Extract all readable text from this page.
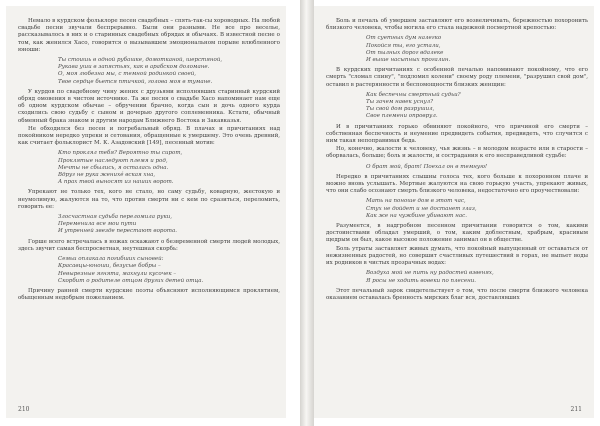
Немало в курдском фольклоре песен свадебных – спять-так-сы хороводных. На любой свадьбе песни звучали беспрерывно. Были они разными. Не все про веселье, рассказывалось в них и о старинных свадебных обрядах и обычаях. В известной песне о том, как женился Хасо, говорится о вызывавшем эмоциональном порыве влюбленного юноши:

Ты стоишь в одной рубашке, домотканой, шерстяной,
Рукава уши в запястьях, как в арабском доломане.
О, моя любезна мы, с темной родинкой своей,
Твое сердце бьется птичкой, голова моя в тумане.

У курдов по свадебному чину жених с друзьями исполнявших старинный курдский обряд омовения в чистом источнике. Та же песня о свадьбе Хасо напоминает нам еще об одном курдском обычае – обручении брачно, когда сын и дочь одного курда сходились свою судьбу с сыном и дочерью другого соплеменника. Кстати, обычный обменный брака знаком и другим народам Ближнего Востока и Закавказья.

Не обходился без песен и погребальный обряд. В плачах и причитаниях над покойником нередко упреки и сетования, обращенные к умершему. Это очень древний, как считает фольклорист М. К. Азадовский [149], песенный мотив:

Кто проклял тебя? Вероятно ты сирот,
Проклятые наследуют племя и род,
Мечты не сбылись, я осталась одна.
Вдруг не рука женихе́ вская хна,
А прах твой выносят из наших ворот.

Упрекают не только тех, кого не стало, но саму судьбу, коварную, жестокую и неумолимую, жалуются на то, что против смерти ни с кем по сразиться, переломить, говорить ее:

Злосчастная судьба переломила руки,
Переменила все мои пути
И утренней звезде перестают ворота.

Горше всего встречалась в ножах оскажают о безвременной смерти людей молодых, здесь звучит самая беспросветная, неутешная скорбь:

Семьи оплакала погибших сыновей:
Красавцы-юноши, безусые бобры –
Невырезные ягнята, махнули кусочек –
Скорбит о родителе отцом других детей отца.

Причину ранней смерти курдские поэты объясняют исполняющимся проклятием, обыщенным недобрым пожеланием.

210

Боль и печаль об умершем заставляют его возвеличивать, бережностью похоронить близкого человека, чтобы могила его стала надежной посмертной крепостью:

От суетных дум налегко
Покойся ты, его устали,
От пылных дорог вдалеке
И выше насыпных прогалин.

В курдских причитаниях с особенной печалью напоминают покойному, что его смерть "сломал спину", "подломил колени" своему роду племени, "разрушил свой дом", оставил в растерянности и беспомощности близких женщин:

Как беспечны смертный судьи?
Ты зачем навек уснул?
Ты свой дом разрушил,
Свое племени опроврул.

И в причитаниях горько обвиняют покойного, что причиной его смерти – собственная беспечность и неумение предвидеть события, предвидеть, что случится с ним такая непоправимая беда.

Но, конечно, жалости к человеку, чья жизнь – в молодом возрасте или в старости – оборвалась, больше; боль и жалости, и сострадания к его несправедливой судьбе:

О брат мой, брат! Поехал он в темную!

Нередко в причитаниях слышны голоса тех, кого больше к похоронном плаче и можно вновь услышать. Мертвые жалуются на свою горькую участь, упрекают живых, что они слабо осознают смерть близкого человека, недостаточно его проучествовали:

Мать на поноше дом в этот час,
Стух не дойдет и не достанет глаз,
Как же на чужбине убивают нас.

Разумеется, в надгробном песенном причитании говорится о том, какими достоинствами обладал умерший, о том, каким доблестным, храбрым, красивым щедрым он был, какое высокое положение занимал он в обществе.

Боль утраты заставляет живых думать, что покойный выпущенный от оставаться от нежизненных радостей, но совершит счастливых путешествий в горах, не выпьет воды их родников в чистых прозрачных водах:

Воздуха мой не пить ну радостей взвенях,
Я росы не ходить вовеки по плесени.

Этот печальный зарок свидетельствует о том, что после смерти близкого человека оказанием оставалась бренность мирских благ вся, доставлявших

211
